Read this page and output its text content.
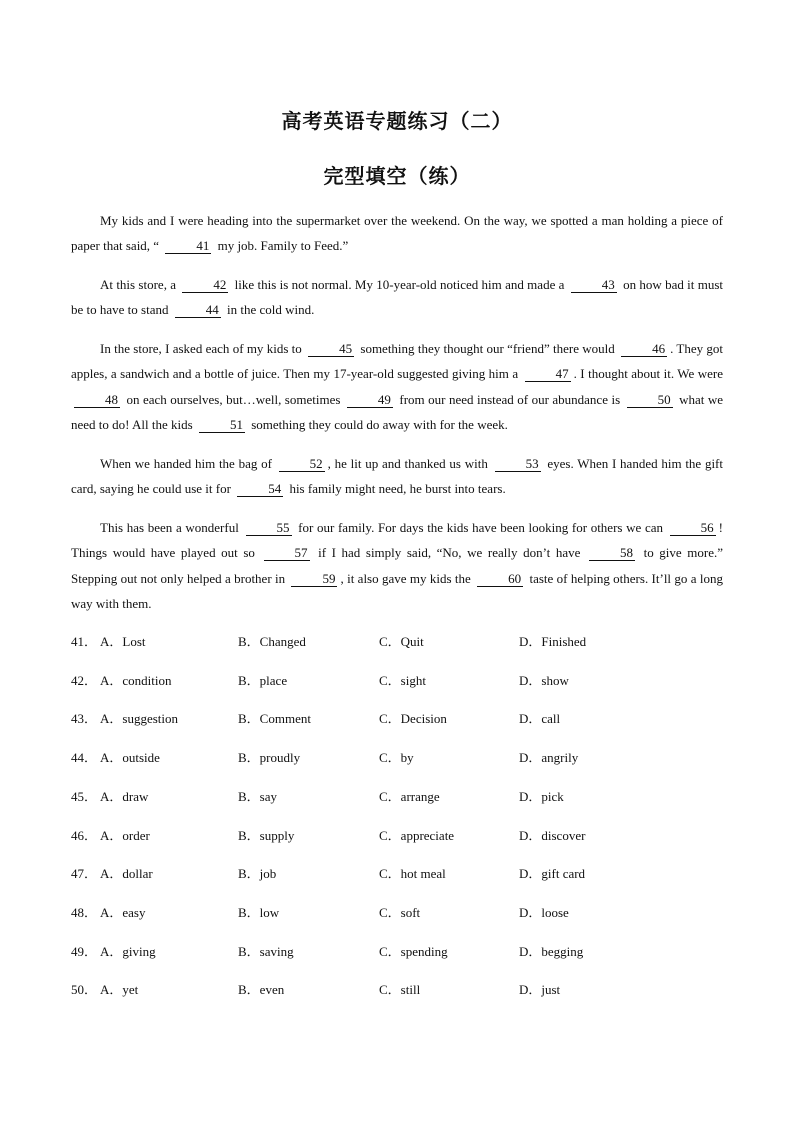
高考英语专题练习（二）
完型填空（练）
My kids and I were heading into the supermarket over the weekend. On the way, we spotted a man holding a piece of paper that said, “	41 my job. Family to Feed.”
At this store, a	42 like this is not normal. My 10-year-old noticed him and made a	43 on how bad it must be to have to stand	44 in the cold wind.
In the store, I asked each of my kids to	45 something they thought our “friend” there would	46 . They got apples, a sandwich and a bottle of juice. Then my 17-year-old suggested giving him a	47 . I thought about it. We were 48 on each ourselves, but…well, sometimes	49 from our need instead of our abundance is	50 what we need to do! All the kids	51 something they could do away with for the week.
When we handed him the bag of	52 , he lit up and thanked us with	53 eyes. When I handed him the gift card, saying he could use it for	54 his family might need, he burst into tears.
This has been a wonderful	55 for our family. For days the kids have been looking for others we can	56 ! Things would have played out so	57 if I had simply said, “No, we really don’t have	58 to give more.” Stepping out not only helped a brother in	59 , it also gave my kids the	60 taste of helping others. It’ll go a long way with them.
41． A．Lost	B．Changed	C．Quit	D．Finished
42． A．condition	B．place	C．sight	D．show
43． A．suggestion	B．Comment	C．Decision	D．call
44． A．outside	B．proudly	C．by	D．angrily
45． A．draw	B．say	C．arrange	D．pick
46． A．order	B．supply	C．appreciate	D．discover
47． A．dollar	B．job	C．hot meal	D．gift card
48． A．easy	B．low	C．soft	D．loose
49． A．giving	B．saving	C．spending	D．begging
50． A．yet	B．even	C．still	D．just
